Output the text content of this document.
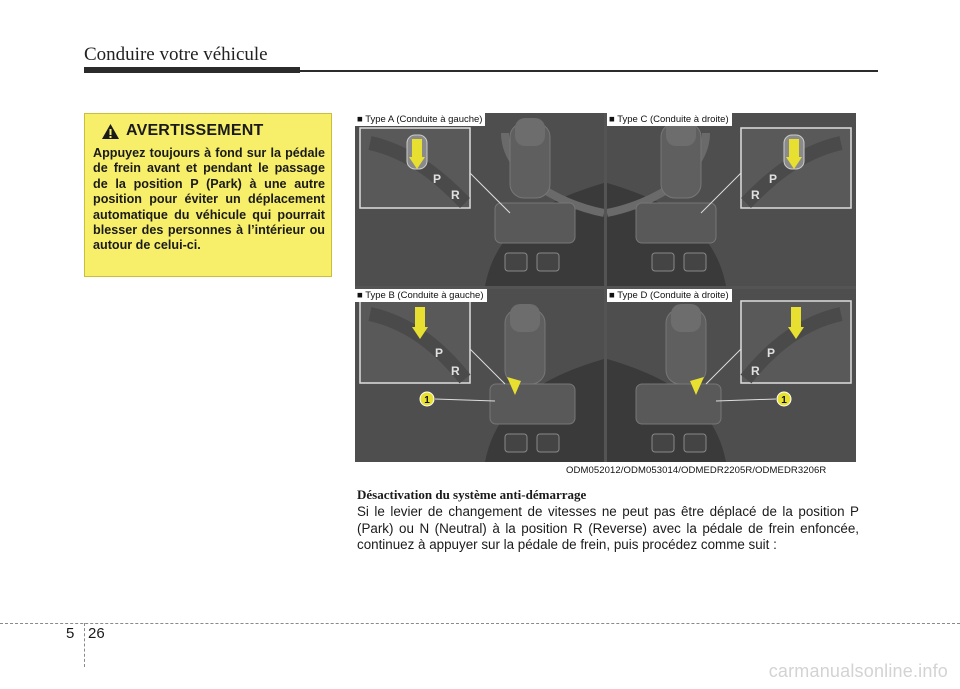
Conduire votre véhicule
AVERTISSEMENT
Appuyez toujours à fond sur la pédale de frein avant et pendant le passage de la position P (Park) à une autre position pour éviter un déplacement automatique du véhicule qui pourrait blesser des personnes à l’intérieur ou autour de celui-ci.
P
R
■ Type A (Conduite à gauche)
P
R
■ Type C (Conduite à droite)
P
R
1
■ Type B (Conduite à gauche)
P
R
1
■ Type D (Conduite à droite)
ODM052012/ODM053014/ODMEDR2205R/ODMEDR3206R
Désactivation du système anti-démarrage
Si le levier de changement de vitesses ne peut pas être déplacé de la position P (Park) ou N (Neutral) à la position R (Reverse) avec la pédale de frein enfoncée, continuez à appuyer sur la pédale de frein, puis procédez comme suit :
5 26
carmanualsonline.info
